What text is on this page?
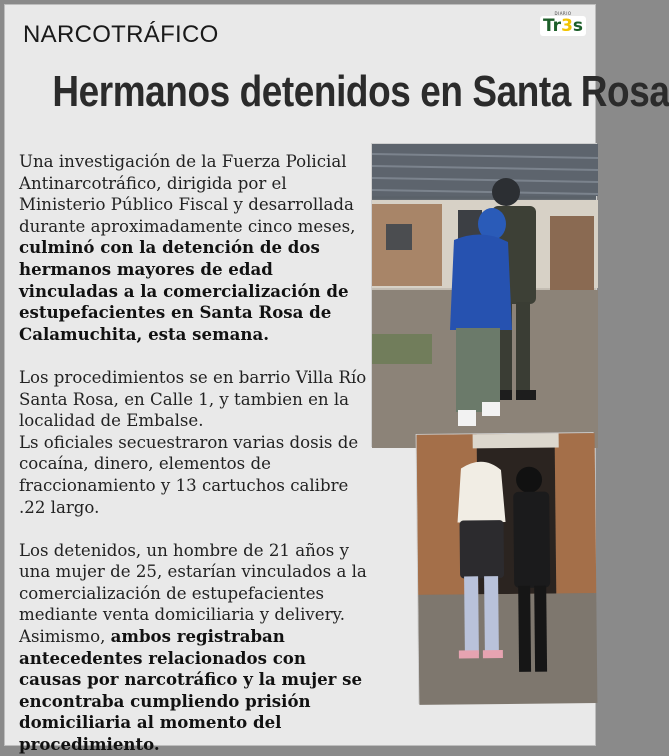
NARCOTRÁFICO
DIARIO
Tr3s
Hermanos detenidos en Santa Rosa

Una investigación de la Fuerza Policial Antinarcotráfico, dirigida por el Ministerio Público Fiscal y desarrollada durante aproximadamente cinco meses, culminó con la detención de dos hermanos mayores de edad vinculadas a la comercialización de estupefacientes en Santa Rosa de Calamuchita, esta semana.

Los procedimientos se en barrio Villa Río Santa Rosa, en Calle 1, y tambien en la localidad de Embalse.

Ls oficiales secuestraron varias dosis de cocaína, dinero, elementos de fraccionamiento y 13 cartuchos calibre .22 largo.

Los detenidos, un hombre de 21 años y una mujer de 25, estarían vinculados a la comercialización de estupefacientes mediante venta domiciliaria y delivery. Asimismo, ambos registraban antecedentes relacionados con causas por narcotráfico y la mujer se encontraba cumpliendo prisión domiciliaria al momento del procedimiento.
